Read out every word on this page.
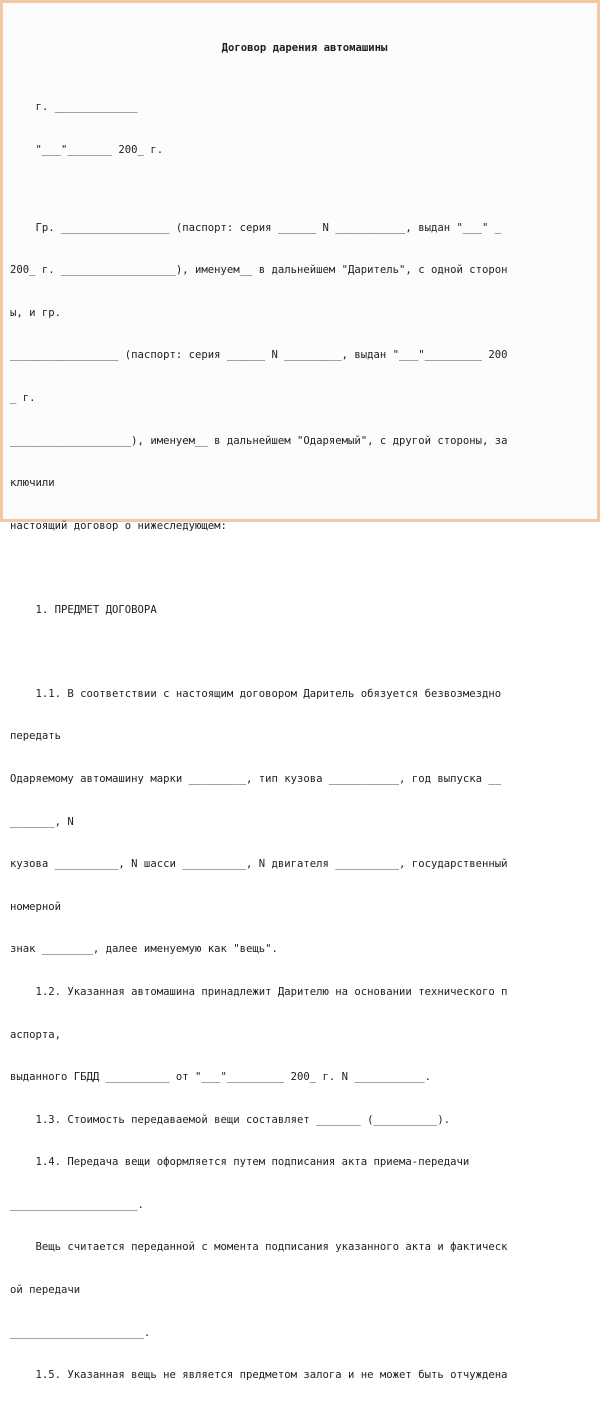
Договор дарения автомашины

г. _____________

"___"_______ 200_ г.

Гр. _________________ (паспорт: серия ______ N ___________, выдан "___" _

200_ г. __________________), именуем__ в дальнейшем "Даритель", с одной сторон

ы, и гр.

_________________ (паспорт: серия ______ N _________, выдан "___"_________ 200

_ г.

___________________), именуем__ в дальнейшем "Одаряемый", с другой стороны, за

ключили

настоящий договор о нижеследующем:

1. ПРЕДМЕТ ДОГОВОРА

1.1. В соответствии с настоящим договором Даритель обязуется безвозмездно

передать

Одаряемому автомашину марки _________, тип кузова ___________, год выпуска __

_______, N

кузова __________, N шасси __________, N двигателя __________, государственный

номерной

знак ________, далее именуемую как "вещь".

1.2. Указанная автомашина принадлежит Дарителю на основании технического п

аспорта,

выданного ГБДД __________ от "___"_________ 200_ г. N ___________.

1.3. Стоимость передаваемой вещи составляет _______ (__________).

1.4. Передача вещи оформляется путем подписания акта приема-передачи

____________________.

Вещь считается переданной с момента подписания указанного акта и фактическ

ой передачи

_____________________.

1.5. Указанная вещь не является предметом залога и не может быть отчуждена
